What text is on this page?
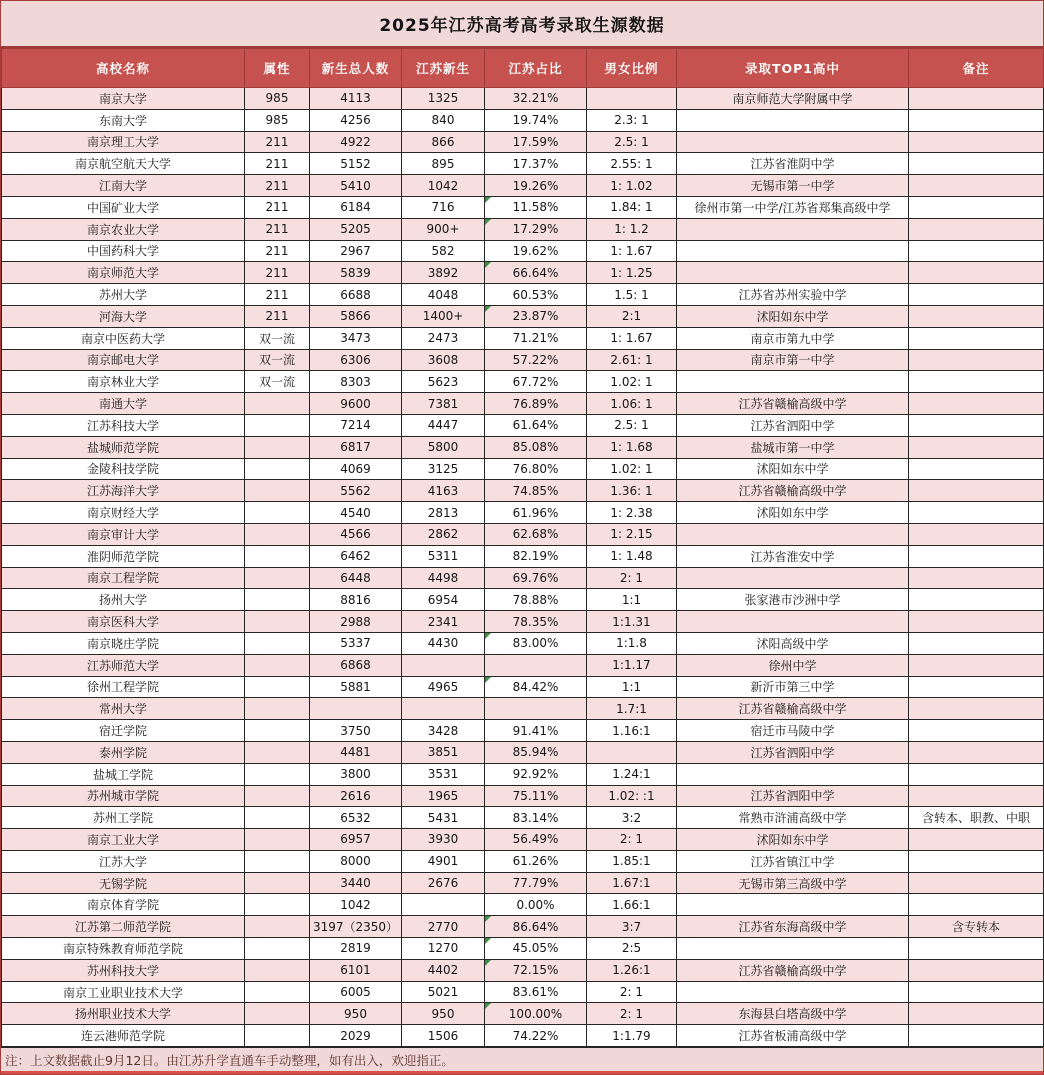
2025年江苏高考高考录取生源数据
高校名称	属性	新生总人数	江苏新生	江苏占比	男女比例	录取TOP1高中	备注
南京大学	985	4113	1325	32.21%		南京师范大学附属中学	
东南大学	985	4256	840	19.74%	2.3: 1		
南京理工大学	211	4922	866	17.59%	2.5: 1		
南京航空航天大学	211	5152	895	17.37%	2.55: 1	江苏省淮阴中学	
江南大学	211	5410	1042	19.26%	1: 1.02	无锡市第一中学	
中国矿业大学	211	6184	716	11.58%	1.84: 1	徐州市第一中学/江苏省郑集高级中学	
南京农业大学	211	5205	900+	17.29%	1: 1.2		
中国药科大学	211	2967	582	19.62%	1: 1.67		
南京师范大学	211	5839	3892	66.64%	1: 1.25		
苏州大学	211	6688	4048	60.53%	1.5: 1	江苏省苏州实验中学	
河海大学	211	5866	1400+	23.87%	2:1	沭阳如东中学	
南京中医药大学	双一流	3473	2473	71.21%	1: 1.67	南京市第九中学	
南京邮电大学	双一流	6306	3608	57.22%	2.61: 1	南京市第一中学	
南京林业大学	双一流	8303	5623	67.72%	1.02: 1		
南通大学		9600	7381	76.89%	1.06: 1	江苏省赣榆高级中学	
江苏科技大学		7214	4447	61.64%	2.5: 1	江苏省泗阳中学	
盐城师范学院		6817	5800	85.08%	1: 1.68	盐城市第一中学	
金陵科技学院		4069	3125	76.80%	1.02: 1	沭阳如东中学	
江苏海洋大学		5562	4163	74.85%	1.36: 1	江苏省赣榆高级中学	
南京财经大学		4540	2813	61.96%	1: 2.38	沭阳如东中学	
南京审计大学		4566	2862	62.68%	1: 2.15		
淮阴师范学院		6462	5311	82.19%	1: 1.48	江苏省淮安中学	
南京工程学院		6448	4498	69.76%	2: 1		
扬州大学		8816	6954	78.88%	1:1	张家港市沙洲中学	
南京医科大学		2988	2341	78.35%	1:1.31		
南京晓庄学院		5337	4430	83.00%	1:1.8	沭阳高级中学	
江苏师范大学		6868			1:1.17	徐州中学	
徐州工程学院		5881	4965	84.42%	1:1	新沂市第三中学	
常州大学					1.7:1	江苏省赣榆高级中学	
宿迁学院		3750	3428	91.41%	1.16:1	宿迁市马陵中学	
泰州学院		4481	3851	85.94%		江苏省泗阳中学	
盐城工学院		3800	3531	92.92%	1.24:1		
苏州城市学院		2616	1965	75.11%	1.02: :1	江苏省泗阳中学	
苏州工学院		6532	5431	83.14%	3:2	常熟市浒浦高级中学	含转本、职教、中职
南京工业大学		6957	3930	56.49%	2: 1	沭阳如东中学	
江苏大学		8000	4901	61.26%	1.85:1	江苏省镇江中学	
无锡学院		3440	2676	77.79%	1.67:1	无锡市第三高级中学	
南京体育学院		1042		0.00%	1.66:1		
江苏第二师范学院		3197（2350）	2770	86.64%	3:7	江苏省东海高级中学	含专转本
南京特殊教育师范学院		2819	1270	45.05%	2:5		
苏州科技大学		6101	4402	72.15%	1.26:1	江苏省赣榆高级中学	
南京工业职业技术大学		6005	5021	83.61%	2: 1		
扬州职业技术大学		950	950	100.00%	2: 1	东海县白塔高级中学	
连云港师范学院		2029	1506	74.22%	1:1.79	江苏省板浦高级中学	
注：上文数据截止9月12日。由江苏升学直通车手动整理，如有出入，欢迎指正。
